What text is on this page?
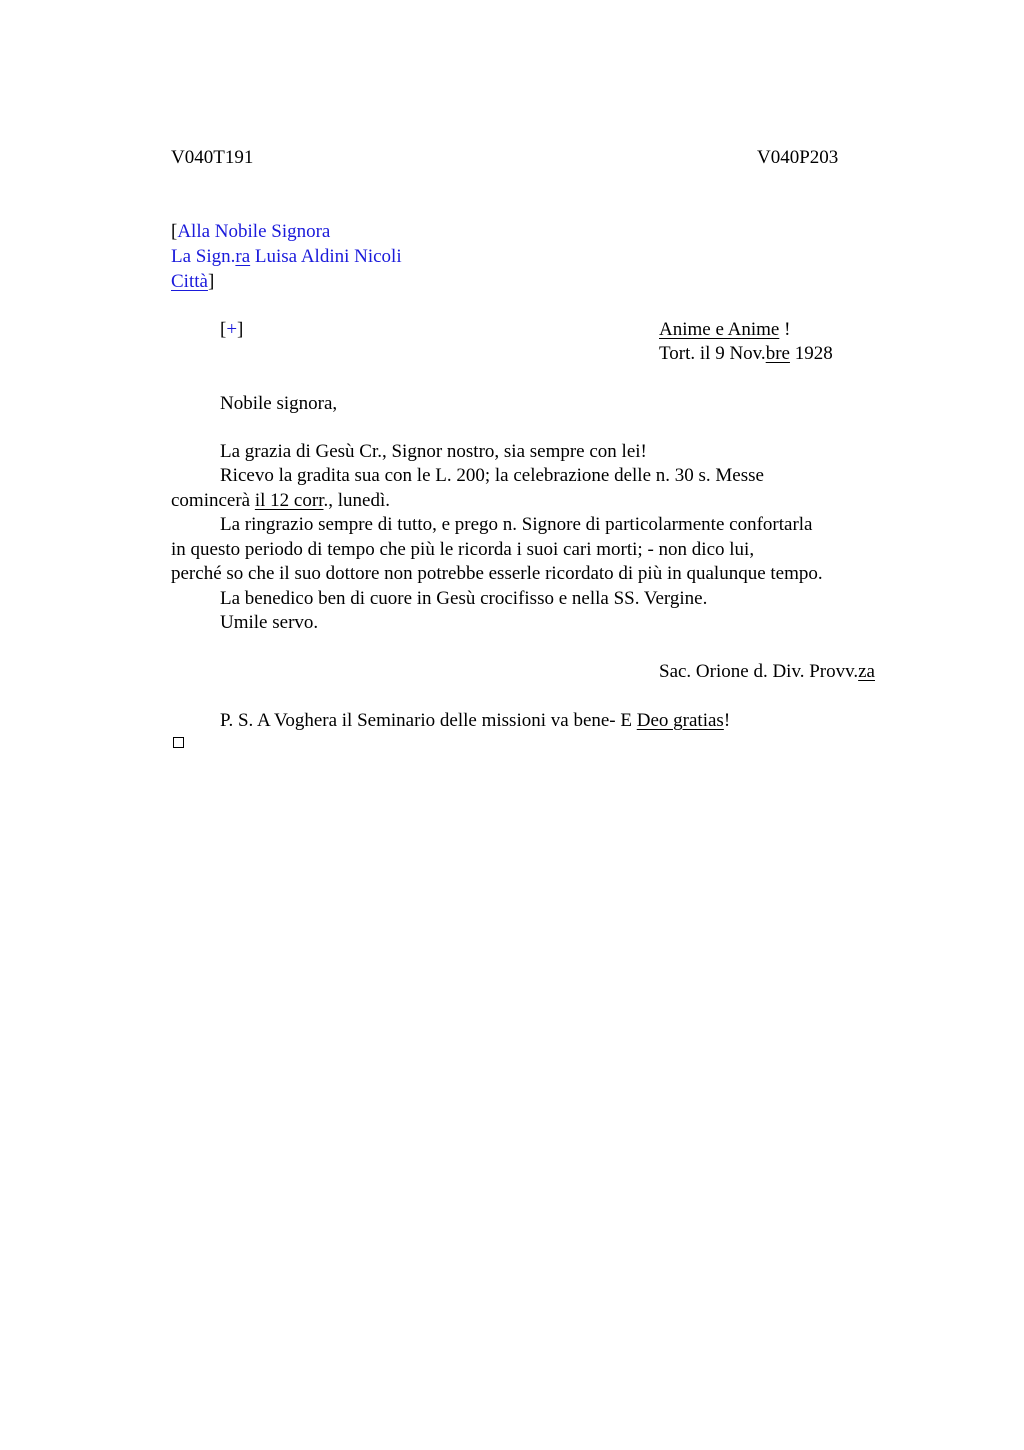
V040T191	V040P203
[Alla Nobile Signora
La Sign.ra Luisa Aldini Nicoli
Città]
[+]	Anime e Anime !
Tort. il 9 Nov.bre 1928
Nobile signora,
La grazia di Gesù Cr., Signor nostro, sia sempre con lei!
Ricevo la gradita sua con le L. 200; la celebrazione delle n. 30 s. Messe
comincerà il 12 corr., lunedì.
La ringrazio sempre di tutto, e prego n. Signore di particolarmente confortarla
in questo periodo di tempo che più le ricorda i suoi cari morti; - non dico lui,
perché so che il suo dottore non potrebbe esserle ricordato di più in qualunque tempo.
La benedico ben di cuore in Gesù crocifisso e nella SS. Vergine.
Umile servo.
Sac. Orione d. Div. Provv.za
P. S. A Voghera il Seminario delle missioni va bene- E Deo gratias!
